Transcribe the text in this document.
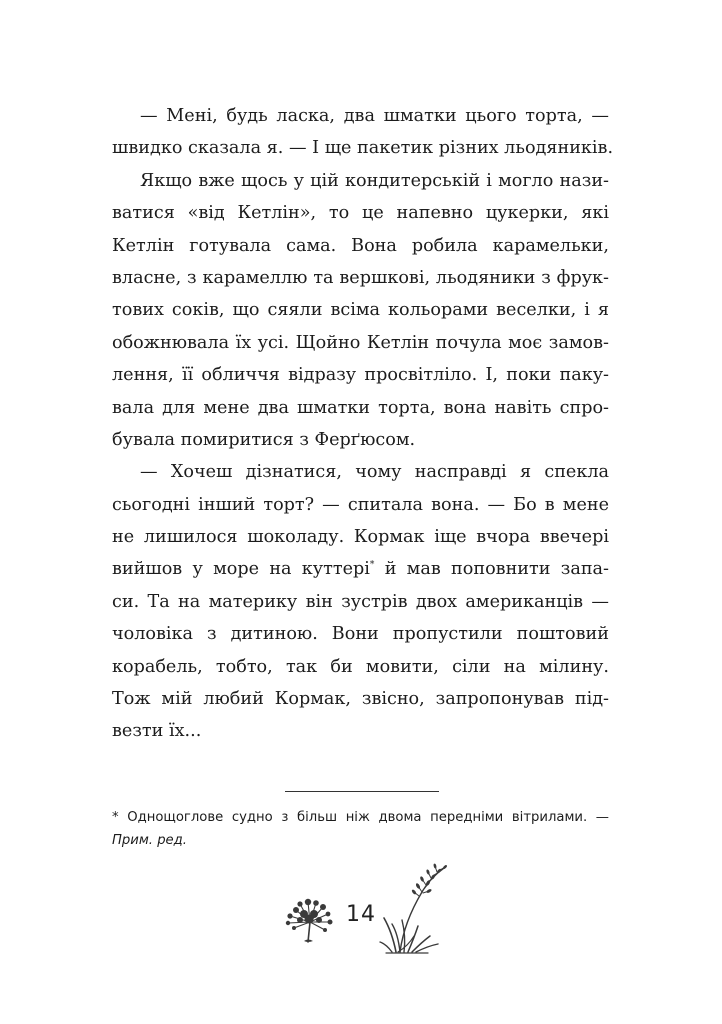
— Мені, будь ласка, два шматки цього торта, —
швидко сказала я. — І ще пакетик різних льодяників.
Якщо вже щось у цій кондитерській і могло нази-
ватися «від Кетлін», то це напевно цукерки, які
Кетлін готувала сама. Вона робила карамельки,
власне, з карамеллю та вершкові, льодяники з фрук-
тових соків, що сяяли всіма кольорами веселки, і я
обожнювала їх усі. Щойно Кетлін почула моє замов-
лення, її обличчя відразу просвітліло. І, поки паку-
вала для мене два шматки торта, вона навіть спро-
бувала помиритися з Ферґюсом.
— Хочеш дізнатися, чому насправді я спекла
сьогодні інший торт? — спитала вона. — Бо в мене
не лишилося шоколаду. Кормак іще вчора ввечері
вийшов у море на куттері* й мав поповнити запа-
си. Та на материку він зустрів двох американців —
чоловіка з дитиною. Вони пропустили поштовий
корабель, тобто, так би мовити, сіли на мілину.
Тож мій любий Кормак, звісно, запропонував під-
везти їх...
* Однощоглове судно з більш ніж двома передніми вітрилами. —
Прим. ред.
14
